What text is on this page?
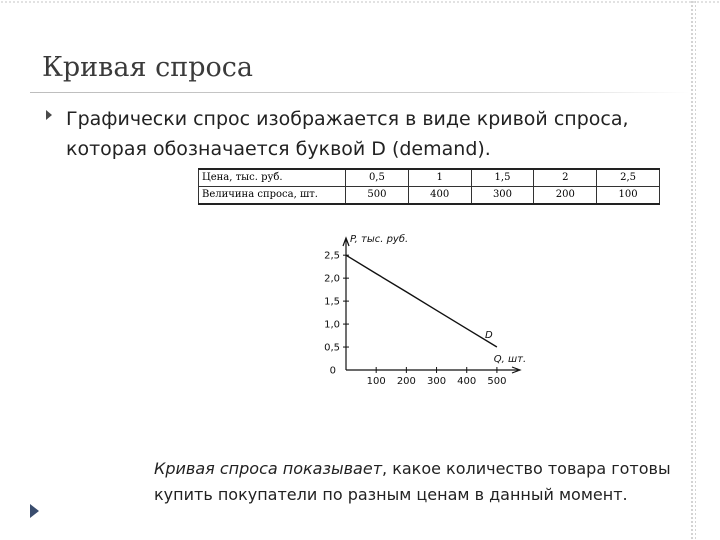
Кривая спроса
Графически спрос изображается в виде кривой спроса, которая обозначается буквой D (demand).
Цена, тыс. руб.	0,5	1	1,5	2	2,5
Величина спроса, шт.	500	400	300	200	100
0,5
1,0
1,5
2,0
2,5
100 200 300 400 500
0
P, тыс. руб.
Q, шт.
D
Кривая спроса показывает, какое количество товара готовы купить покупатели по разным ценам в данный момент.
